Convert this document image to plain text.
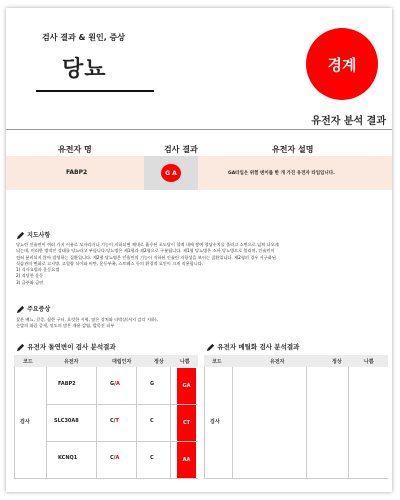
검사 결과 & 원인, 증상
당뇨	경계
유전자 분석 결과
유전자 명	검사 결과	유전자 설명
FABP2	G A	GA타입은 위험 변이를 한 개 가진 유전자 타입입니다.
지도사항
당뇨란 인슐린이 여러 가지 이유로 모자라거나 기능이 저하되면 체내로 흡수된 포도당이 혈액 내에 쌓여 혈당수치를 올리고 소변으로 넘쳐 나오게
되는데, 이러한 병적인 상태를 당뇨라고 부릅니다.당뇨병은 제1형과 제2형으로 구분됩니다. 제1형 당뇨병은 소아 당뇨병으로 불리며, 인슐린이
전혀 분비되지 않아 발생하는 질환입니다. 제2형 당뇨병은 인슐린의 기능이 저하된 인슐린 저항성을 보이는 질환입니다. 제2형의 경우 서구화된
식습관의 변화로 고지방, 고열량 식이와 비만, 운동부족, 스트레스 등의 환경적 요인이 크게 작용합니다.
1) 식사요법과 운동요법
2) 적당한 운동
3) 금주와 금연
주요증상
잦은 배뇨, 갈증, 심한 구터, 흐릿한 시력, 많은 상처와 타박상(서지 감각 저하),
손발의 따끔 증세, 잇도의 많은 재윤 감염, 발목진 피부
유전자 돌연변이 검사 분석결과
코드	유전자	대립인자	정상	나쁨
검사
FABP2	G/A	G	GA
SLC30A8	C/T	C	CT
KCNQ1	C/A	C	AA
유전자 메틸화 검사 분석결과
코드	유전자	정상	나쁨
검사
